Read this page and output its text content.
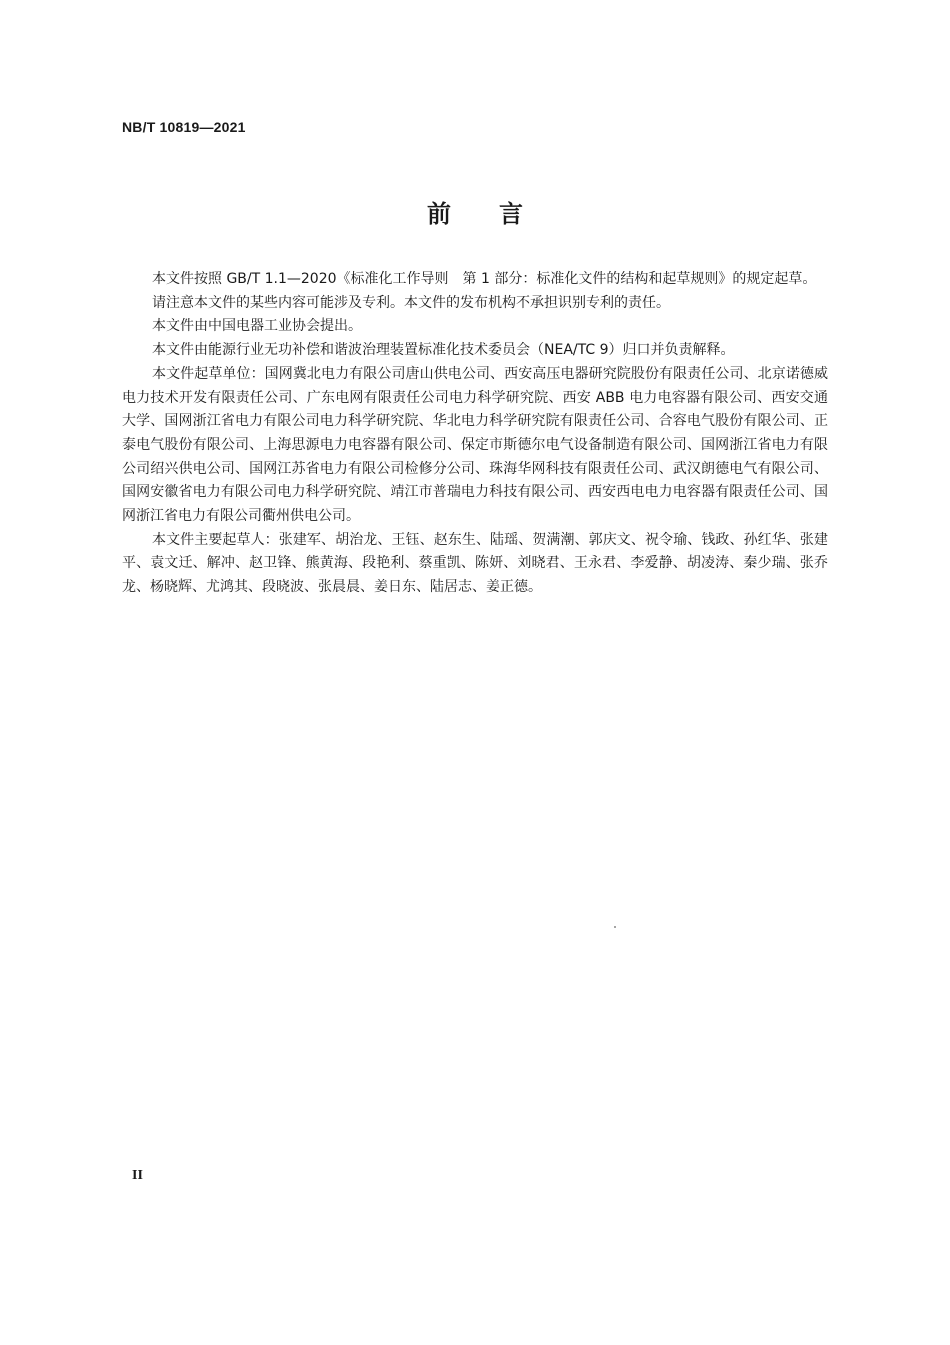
NB/T 10819—2021
前 言

本文件按照 GB/T 1.1—2020《标准化工作导则　第 1 部分：标准化文件的结构和起草规则》的规定起草。

请注意本文件的某些内容可能涉及专利。本文件的发布机构不承担识别专利的责任。

本文件由中国电器工业协会提出。

本文件由能源行业无功补偿和谐波治理装置标准化技术委员会（NEA/TC 9）归口并负责解释。

本文件起草单位：国网冀北电力有限公司唐山供电公司、西安高压电器研究院股份有限责任公司、北京诺德威电力技术开发有限责任公司、广东电网有限责任公司电力科学研究院、西安 ABB 电力电容器有限公司、西安交通大学、国网浙江省电力有限公司电力科学研究院、华北电力科学研究院有限责任公司、合容电气股份有限公司、正泰电气股份有限公司、上海思源电力电容器有限公司、保定市斯德尔电气设备制造有限公司、国网浙江省电力有限公司绍兴供电公司、国网江苏省电力有限公司检修分公司、珠海华网科技有限责任公司、武汉朗德电气有限公司、国网安徽省电力有限公司电力科学研究院、靖江市普瑞电力科技有限公司、西安西电电力电容器有限责任公司、国网浙江省电力有限公司衢州供电公司。

本文件主要起草人：张建军、胡治龙、王钰、赵东生、陆瑶、贺满潮、郭庆文、祝令瑜、钱政、孙红华、张建平、袁文迁、解冲、赵卫锋、熊黄海、段艳利、蔡重凯、陈妍、刘晓君、王永君、李爱静、胡凌涛、秦少瑞、张乔龙、杨晓辉、尤鸿其、段晓波、张晨晨、姜日东、陆居志、姜正德。

II
